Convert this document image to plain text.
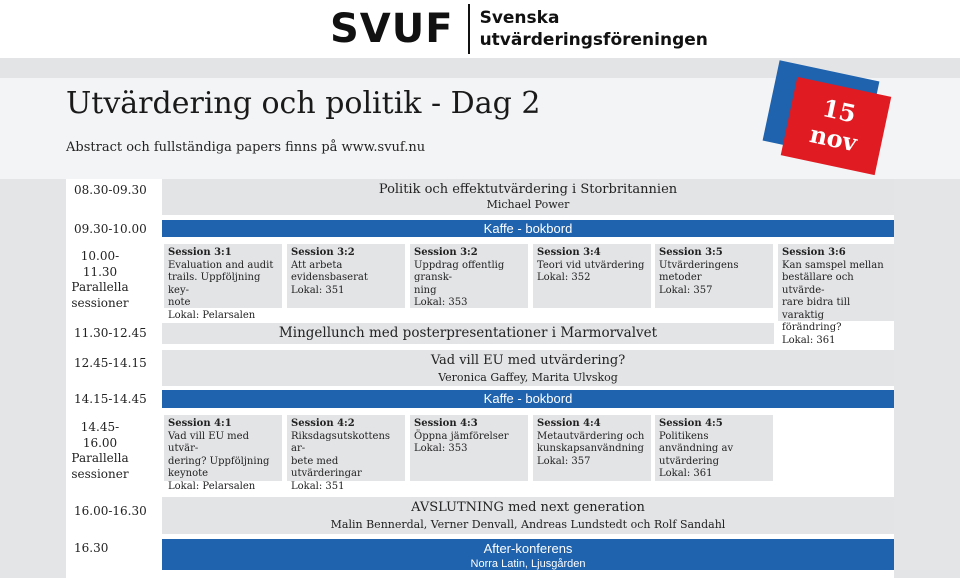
SVUF Svenska
utvärderingsföreningen
Utvärdering och politik - Dag 2
Abstract och fullständiga papers finns på www.svuf.nu
15
nov
08.30-09.30
09.30-10.00
10.00-11.30
Parallella
sessioner
11.30-12.45
12.45-14.15
14.15-14.45
14.45-16.00
Parallella
sessioner
16.00-16.30
16.30
Politik och effektutvärdering i Storbritannien
Michael Power
Kaffe - bokbord
Session 3:1
Evaluation and audit
trails. Uppföljning key-
note
Lokal: Pelarsalen
Session 3:2
Att arbeta evidensbaserat
Lokal: 351
Session 3:2
Uppdrag offentlig gransk-
ning
Lokal: 353
Session 3:4
Teori vid utvärdering
Lokal: 352
Session 3:5
Utvärderingens metoder
Lokal: 357
Session 3:6
Kan samspel mellan
beställare och utvärde-
rare bidra till varaktig
förändring?
Lokal: 361
Mingellunch med posterpresentationer i Marmorvalvet
Vad vill EU med utvärdering?
Veronica Gaffey, Marita Ulvskog
Kaffe - bokbord
Session 4:1
Vad vill EU med utvär-
dering? Uppföljning
keynote
Lokal: Pelarsalen
Session 4:2
Riksdagsutskottens ar-
bete med utvärderingar
Lokal: 351
Session 4:3
Öppna jämförelser
Lokal: 353
Session 4:4
Metautvärdering och
kunskapsanvändning
Lokal: 357
Session 4:5
Politikens användning av
utvärdering
Lokal: 361
AVSLUTNING med next generation
Malin Bennerdal, Verner Denvall, Andreas Lundstedt och Rolf Sandahl
After-konferens
Norra Latin, Ljusgården
